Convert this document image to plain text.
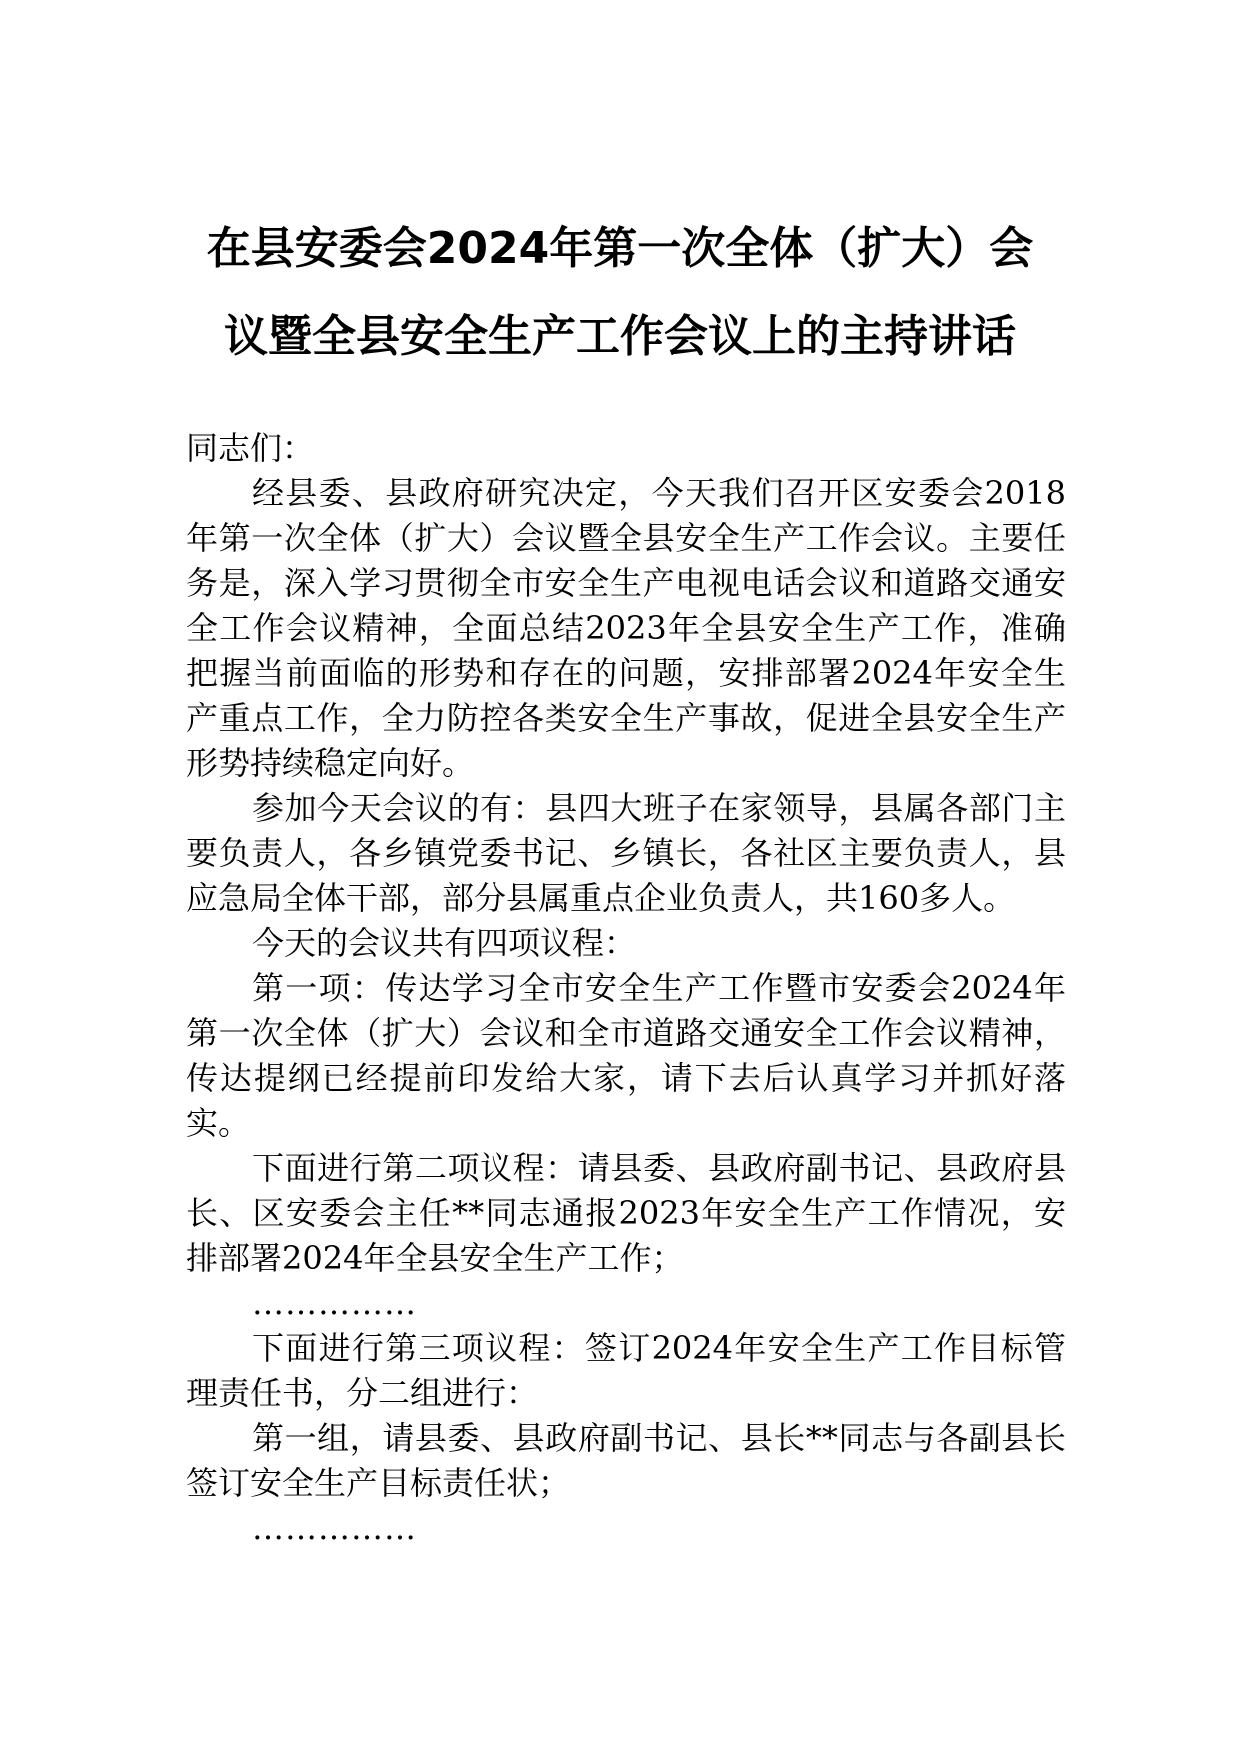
在县安委会2024年第一次全体（扩大）会
议暨全县安全生产工作会议上的主持讲话

同志们：

经县委、县政府研究决定，今天我们召开区安委会2018年第一次全体（扩大）会议暨全县安全生产工作会议。主要任务是，深入学习贯彻全市安全生产电视电话会议和道路交通安全工作会议精神，全面总结2023年全县安全生产工作，准确把握当前面临的形势和存在的问题，安排部署2024年安全生产重点工作，全力防控各类安全生产事故，促进全县安全生产形势持续稳定向好。

参加今天会议的有：县四大班子在家领导，县属各部门主要负责人，各乡镇党委书记、乡镇长，各社区主要负责人，县应急局全体干部，部分县属重点企业负责人，共160多人。

今天的会议共有四项议程：

第一项：传达学习全市安全生产工作暨市安委会2024年第一次全体（扩大）会议和全市道路交通安全工作会议精神，传达提纲已经提前印发给大家，请下去后认真学习并抓好落实。

下面进行第二项议程：请县委、县政府副书记、县政府县长、区安委会主任**同志通报2023年安全生产工作情况，安排部署2024年全县安全生产工作；

……………

下面进行第三项议程：签订2024年安全生产工作目标管理责任书，分二组进行：

第一组，请县委、县政府副书记、县长**同志与各副县长签订安全生产目标责任状；

……………
